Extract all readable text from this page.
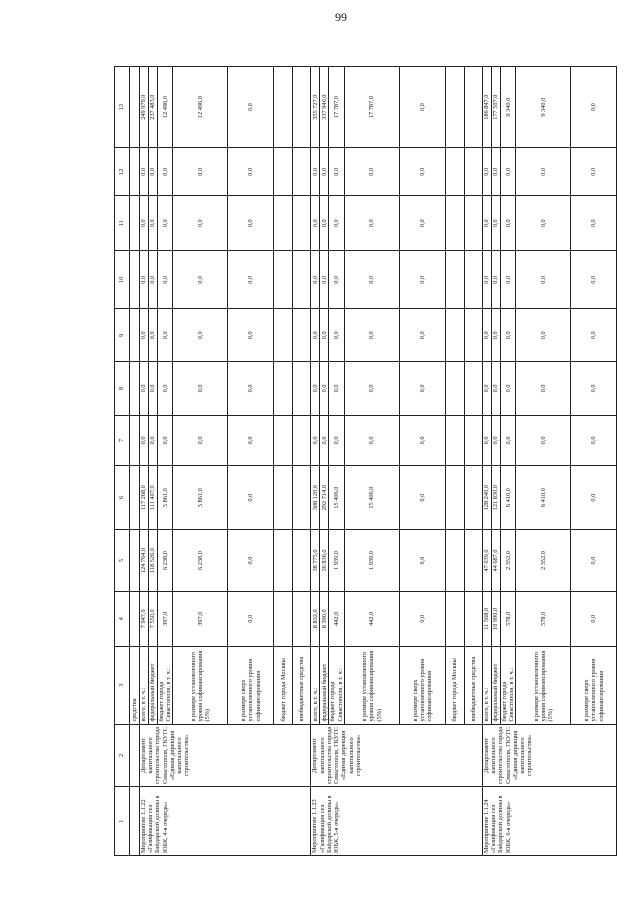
99
1	2	3	4	5	6	7	8	9	10	11	12	13
		средства										
Мероприятие 1.1.22 «Газификация сел Байдарской долины в ЮБК, 4-я очередь»	Департамент капитального строительства города Севастополя, ГКУГС «Единая дирекция капитального строительства»	всего, в т. ч.:	7 947,0	124 764,0	117 268,0	0,0	0,0	0,0	0,0	0,0	0,0	249 979,0
		федеральный бюджет	7 550,0	118 526,0	111 407,0	0,0	0,0	0,0	0,0	0,0	0,0	237 483,0
		бюджет города Севастополя, в т. ч.:	397,0	6 238,0	5 861,0	0,0	0,0	0,0	0,0	0,0	0,0	12 496,0
		в размере установленного уровня софинансирования (5%)	397,0	6 238,0	5 861,0	0,0	0,0	0,0	0,0	0,0	0,0	12 496,0
		в размере сверх установленного уровня софинансирования	0,0	0,0	0,0	0,0	0,0	0,0	0,0	0,0	0,0	0,0
		бюджет города Москвы										
		внебюджетные средства										
Мероприятие 1.1.23 «Газификация сел Байдарской долины в ЮБК, 5-я очередь»	Департамент капитального строительства города Севастополя, ГКУГС «Единая дирекция капитального строительства»	всего, в т. ч.:	8 832,0	38 775,0	308 120,0	0,0	0,0	0,0	0,0	0,0	0,0	355 727,0
		федеральный бюджет	8 390,0	36 836,0	292 714,0	0,0	0,0	0,0	0,0	0,0	0,0	337 940,0
		бюджет города Севастополя, в т. ч.:	442,0	1 939,0	15 406,0	0,0	0,0	0,0	0,0	0,0	0,0	17 787,0
		в размере установленного уровня софинансирования (5%)	442,0	1 939,0	15 406,0	0,0	0,0	0,0	0,0	0,0	0,0	17 787,0
		в размере сверх установленного уровня софинансирования	0,0	0,0	0,0	0,0	0,0	0,0	0,0	0,0	0,0	0,0
		бюджет города Москвы										
		внебюджетные средства										
Мероприятие 1.1.24 «Газификация сел Байдарской долины в ЮБК, 6-я очередь»	Департамент капитального строительства города Севастополя, ГКУГС «Единая дирекция капитального строительства»	всего, в т. ч.:	11 568,0	47 039,0	128 240,0	0,0	0,0	0,0	0,0	0,0	0,0	186 847,0
		федеральный бюджет	10 990,0	44 687,0	121 830,0	0,0	0,0	0,0	0,0	0,0	0,0	177 507,0
		бюджет города Севастополя, в т. ч.:	578,0	2 352,0	6 410,0	0,0	0,0	0,0	0,0	0,0	0,0	9 340,0
		в размере установленного уровня софинансирования (5%)	578,0	2 352,0	6 410,0	0,0	0,0	0,0	0,0	0,0	0,0	9 340,0
		в размере сверх установленного уровня софинансирования	0,0	0,0	0,0	0,0	0,0	0,0	0,0	0,0	0,0	0,0
